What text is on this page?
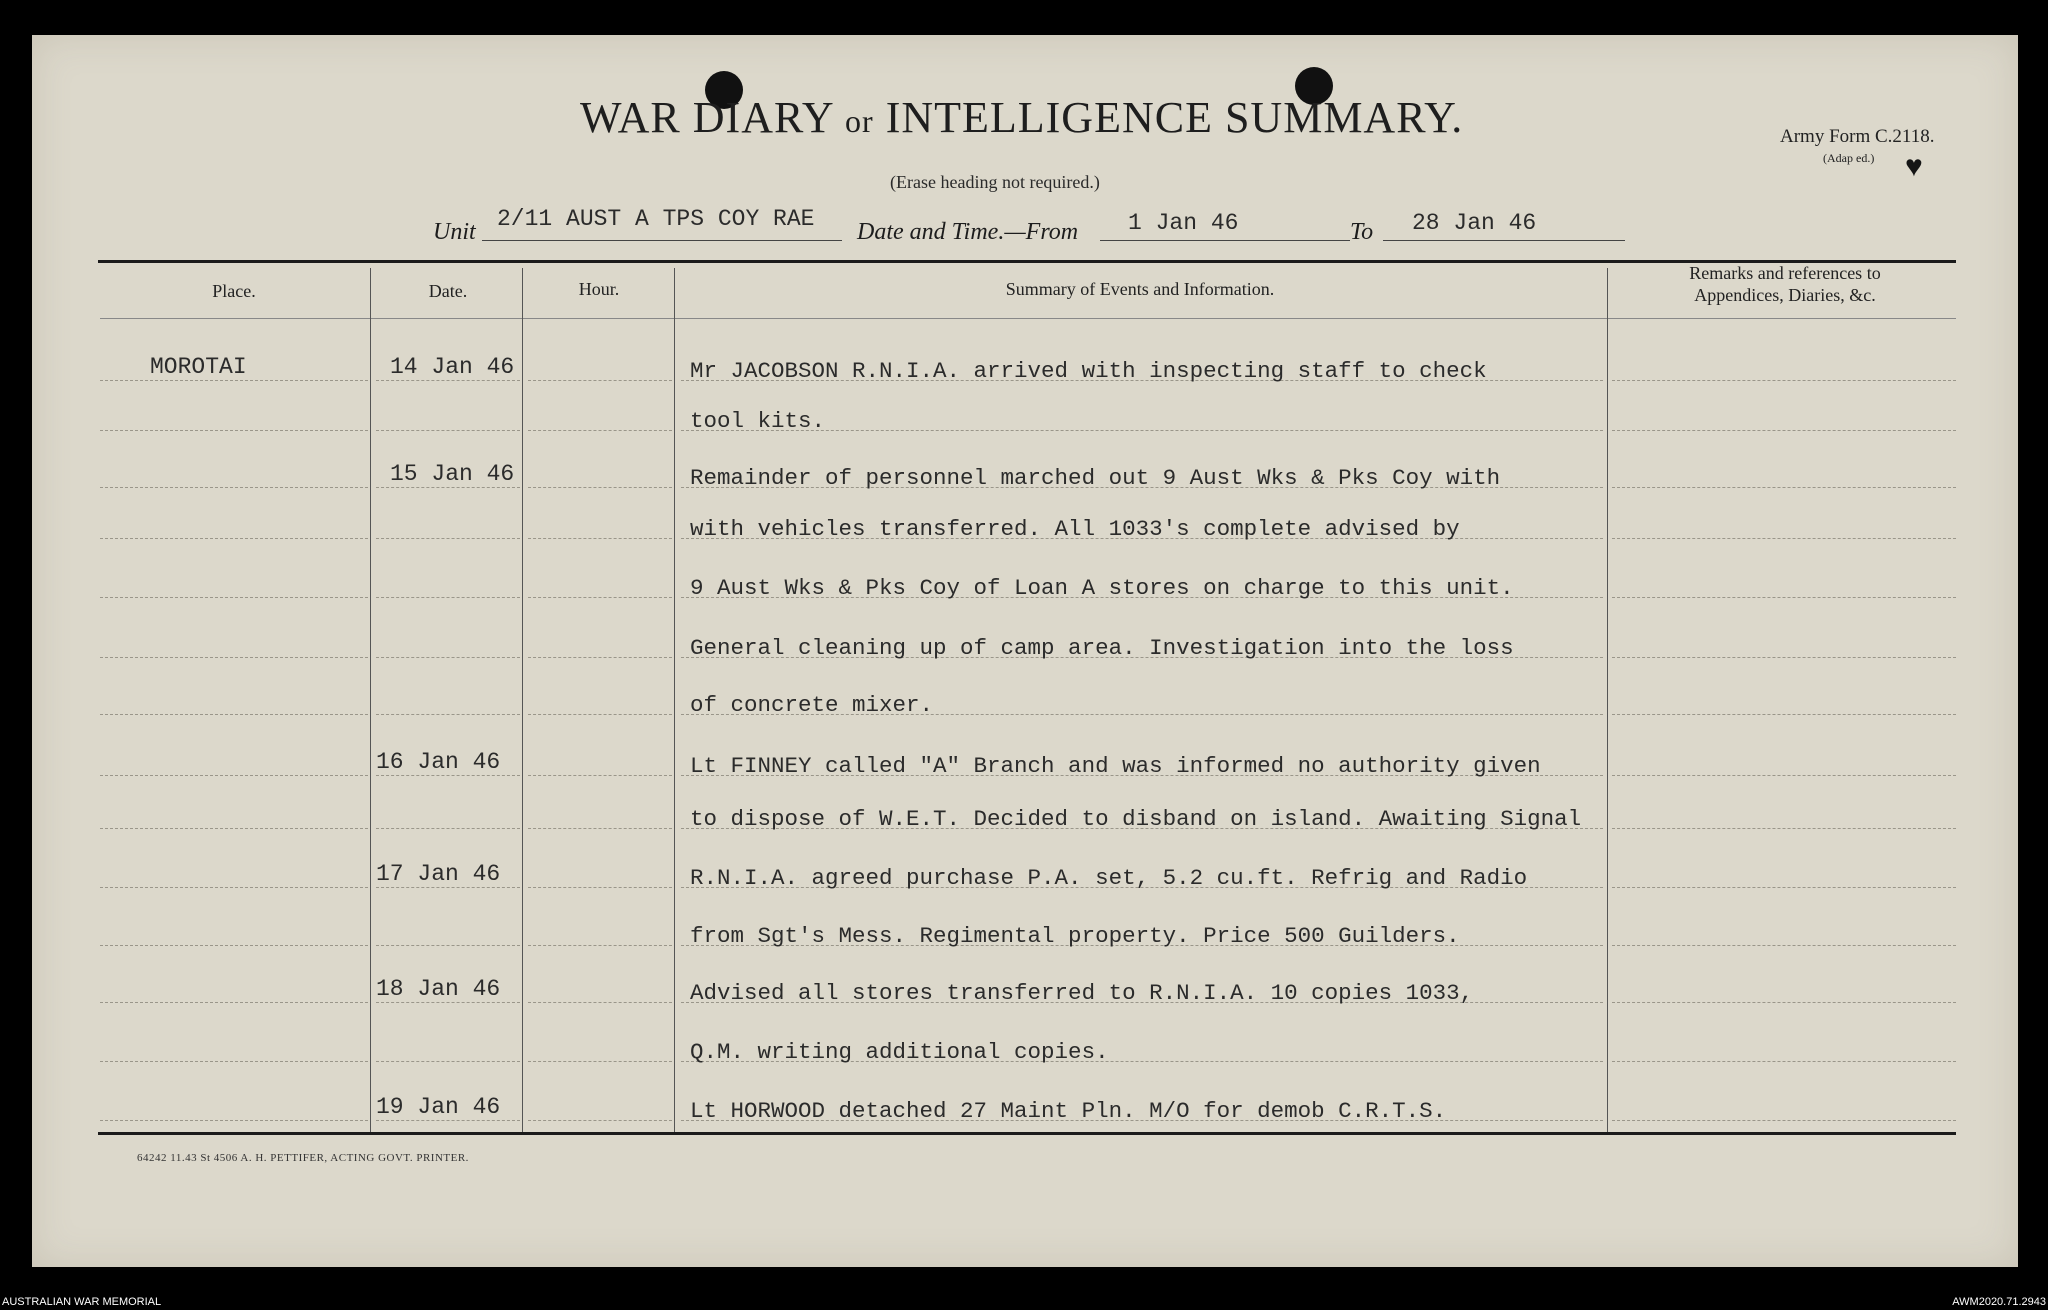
WAR DIARY or INTELLIGENCE SUMMARY.
(Erase heading not required.)
Army Form C.2118.
(Adap ed.) ♥
Unit 2/11 AUST A TPS COY RAE Date and Time.—From 1 Jan 46	To 28 Jan 46
Place.	Date.	Hour.	Summary of Events and Information.
Remarks and references to
Appendices, Diaries, &c.
MOROTAI	14 Jan 46	Mr JACOBSON R.N.I.A. arrived with inspecting staff to check
tool kits.
15 Jan 46	Remainder of personnel marched out 9 Aust Wks & Pks Coy with
with vehicles transferred. All 1033's complete advised by
9 Aust Wks & Pks Coy of Loan A stores on charge to this unit.
General cleaning up of camp area. Investigation into the loss
of concrete mixer.
16 Jan 46	Lt FINNEY called "A" Branch and was informed no authority given
to dispose of W.E.T. Decided to disband on island. Awaiting Signal
17 Jan 46	R.N.I.A. agreed purchase P.A. set, 5.2 cu.ft. Refrig and Radio
from Sgt's Mess. Regimental property. Price 500 Guilders.
18 Jan 46	Advised all stores transferred to R.N.I.A. 10 copies 1033,
Q.M. writing additional copies.
19 Jan 46	Lt HORWOOD detached 27 Maint Pln. M/O for demob C.R.T.S.
64242 11.43 St 4506 A. H. PETTIFER, ACTING GOVT. PRINTER.
AUSTRALIAN WAR MEMORIAL	AWM2020.71.2943
